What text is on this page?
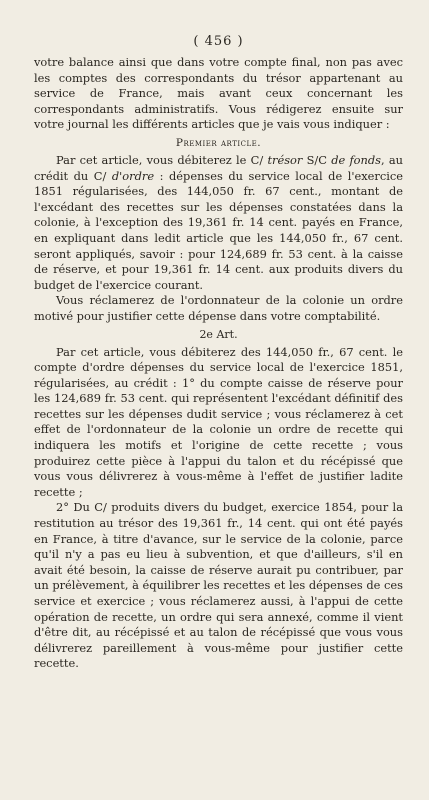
( 456 )

votre balance ainsi que dans votre compte final, non pas avec les comptes des correspondants du trésor appartenant au service de France, mais avant ceux concernant les correspondants administratifs. Vous rédigerez ensuite sur votre journal les différents articles que je vais vous indiquer :

Premier article.

Par cet article, vous débiterez le C/ trésor S/C de fonds, au crédit du C/ d'ordre : dépenses du service local de l'exercice 1851 régularisées, des 144,050 fr. 67 cent., montant de l'excédant des recettes sur les dépenses constatées dans la colonie, à l'exception des 19,361 fr. 14 cent. payés en France, en expliquant dans ledit article que les 144,050 fr., 67 cent. seront appliqués, savoir : pour 124,689 fr. 53 cent. à la caisse de réserve, et pour 19,361 fr. 14 cent. aux produits divers du budget de l'exercice courant.

Vous réclamerez de l'ordonnateur de la colonie un ordre motivé pour justifier cette dépense dans votre comptabilité.

2e Art.

Par cet article, vous débiterez des 144,050 fr., 67 cent. le compte d'ordre dépenses du service local de l'exercice 1851, régularisées, au crédit : 1° du compte caisse de réserve pour les 124,689 fr. 53 cent. qui représentent l'excédant définitif des recettes sur les dépenses dudit service ; vous réclamerez à cet effet de l'ordonnateur de la colonie un ordre de recette qui indiquera les motifs et l'origine de cette recette ; vous produirez cette pièce à l'appui du talon et du récépissé que vous vous délivrerez à vous-même à l'effet de justifier ladite recette ;

2° Du C/ produits divers du budget, exercice 1854, pour la restitution au trésor des 19,361 fr., 14 cent. qui ont été payés en France, à titre d'avance, sur le service de la colonie, parce qu'il n'y a pas eu lieu à subvention, et que d'ailleurs, s'il en avait été besoin, la caisse de réserve aurait pu contribuer, par un prélèvement, à équilibrer les recettes et les dépenses de ces service et exercice ; vous réclamerez aussi, à l'appui de cette opération de recette, un ordre qui sera annexé, comme il vient d'être dit, au récépissé et au talon de récépissé que vous vous délivrerez pareillement à vous-même pour justifier cette recette.
